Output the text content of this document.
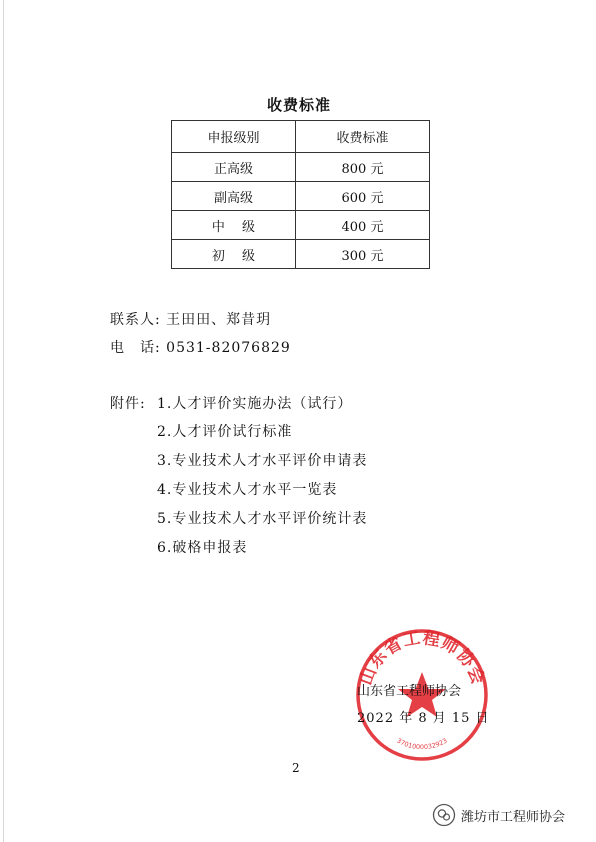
收费标准
申报级别	收费标准
正高级	800 元
副高级	600 元
中　 级	400 元
初　 级	300 元
联系人: 王田田、郑昔玥
电　话: 0531-82076829
附件: 1.人才评价实施办法（试行）
2.人才评价试行标准
3.专业技术人才水平评价申请表
4.专业技术人才水平一览表
5.专业技术人才水平评价统计表
6.破格申报表
山东省工程师协会
3701000032923
山东省工程师协会
2022 年 8 月 15 日
2
潍坊市工程师协会
